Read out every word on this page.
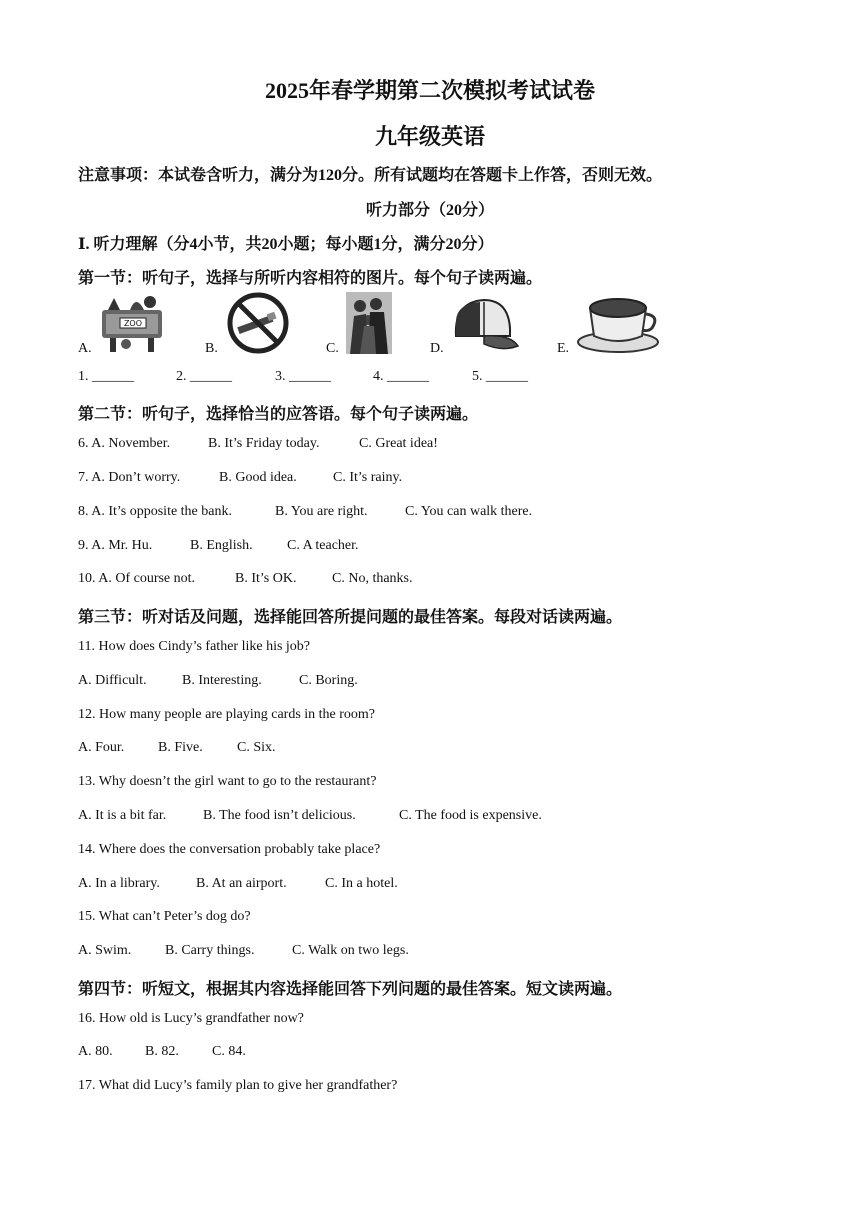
2025年春学期第二次模拟考试试卷
九年级英语
注意事项：本试卷含听力，满分为120分。所有试题均在答题卡上作答，否则无效。
听力部分（20分）
Ⅰ. 听力理解（分4小节，共20小题；每小题1分，满分20分）
第一节：听句子，选择与所听内容相符的图片。每个句子读两遍。
A.
ZOO
B.	C.	D.	E.
1. ______	2. ______	3. ______	4. ______	5. ______
第二节：听句子，选择恰当的应答语。每个句子读两遍。
6. A. November.	B. It’s Friday today.	C. Great idea!
7. A. Don’t worry.	B. Good idea.	C. It’s rainy.
8. A. It’s opposite the bank.	B. You are right.	C. You can walk there.
9. A. Mr. Hu.	B. English. C. A teacher.
10. A. Of course not.	B. It’s OK.	C. No, thanks.
第三节：听对话及问题，选择能回答所提问题的最佳答案。每段对话读两遍。
11. How does Cindy’s father like his job?
A. Difficult.	B. Interesting.	C. Boring.
12. How many people are playing cards in the room?
A. Four. B. Five. C. Six.
13. Why doesn’t the girl want to go to the restaurant?
A. It is a bit far.	B. The food isn’t delicious.	C. The food is expensive.
14. Where does the conversation probably take place?
A. In a library.	B. At an airport.	C. In a hotel.
15. What can’t Peter’s dog do?
A. Swim. B. Carry things.	C. Walk on two legs.
第四节：听短文，根据其内容选择能回答下列问题的最佳答案。短文读两遍。
16. How old is Lucy’s grandfather now?
A. 80. B. 82. C. 84.
17. What did Lucy’s family plan to give her grandfather?
